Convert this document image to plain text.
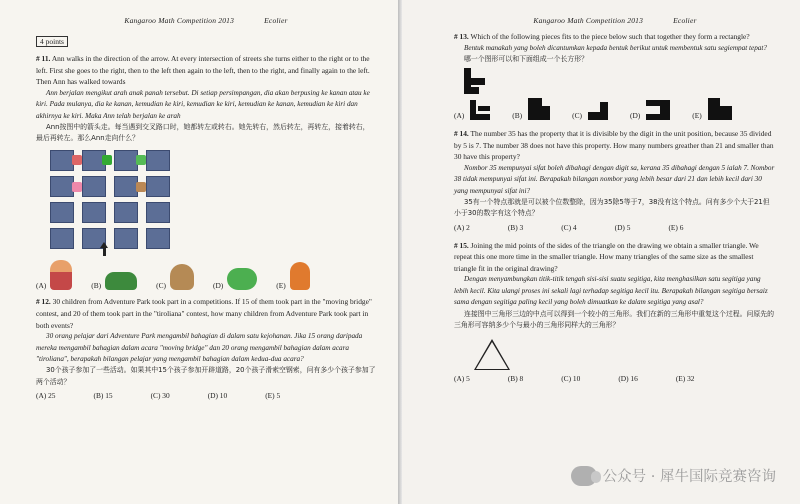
Kangaroo Math Competition 2013	Ecolier
4 points

# 11. Ann walks in the direction of the arrow. At every intersection of streets she turns either to the right or to the left. First she goes to the right, then to the left then again to the left, then to the right, and finally again to the left. Then Ann has walked towards

Ann berjalan mengikut arah anak panah tersebut. Di setiap persimpangan, dia akan berpusing ke kanan atau ke kiri. Pada mulanya, dia ke kanan, kemudian ke kiri, kemudian ke kiri, kemudian ke kanan, kemudian ke kiri dan akhirnya ke kiri. Maka Ann telah berjalan ke arah

Ann按图中的箭头走。每当遇到交叉路口时，她都转左或转右。她先转右，然后转左，再转左，接着转右，最后再转左。那么Ann走向什么？

(A)	(B)	(C)	(D)	(E)

# 12. 30 children from Adventure Park took part in a competitions. If 15 of them took part in the "moving bridge" contest, and 20 of them took part in the "tiroliana" contest, how many children from Adventure Park took part in both events?

30 orang pelajar dari Adventure Park mengambil bahagian di dalam satu kejohanan. Jika 15 orang daripada mereka mengambil bahagian dalam acara "moving bridge" dan 20 orang mengambil bahagian dalam acara "tiroliana", berapakah bilangan pelajar yang mengambil bahagian dalam kedua-dua acara?

30个孩子参加了一些活动。如果其中15个孩子参加开辟道路，20个孩子滑索空钢索，问有多少个孩子参加了两个活动？

(A) 25	(B) 15	(C) 30	(D) 10	(E) 5
Kangaroo Math Competition 2013	Ecolier

# 13. Which of the following pieces fits to the piece below such that together they form a rectangle?

Bentuk manakah yang boleh dicantumkan kepada bentuk berikut untuk membentuk satu segiempat tepat?

哪一个图形可以和下面组成一个长方形？

(A)	(B)	(C)	(D)	(E)

# 14. The number 35 has the property that it is divisible by the digit in the unit position, because 35 divided by 5 is 7. The number 38 does not have this property. How many numbers greather than 21 and smaller than 30 have this property?

Nombor 35 mempunyai sifat boleh dibahagi dengan digit sa, kerana 35 dibahagi dengan 5 ialah 7. Nombor 38 tidak mempunyai sifat ini. Berapakah bilangan nombor yang lebih besar dari 21 dan lebih kecil dari 30 yang mempunyai sifat ini?

35有一个特点那就是可以被个位数整除，因为35除5等于7，38没有这个特点。问有多少个大于21但小于30的数字有这个特点？

(A) 2	(B) 3	(C) 4	(D) 5	(E) 6

# 15. Joining the mid points of the sides of the triangle on the drawing we obtain a smaller triangle. We repeat this one more time in the smaller triangle. How many triangles of the same size as the smallest triangle fit in the original drawing?

Dengan menyambungkan titik-titik tengah sisi-sisi suatu segitiga, kita menghasilkan satu segitiga yang lebih kecil. Kita ulangi proses ini sekali lagi terhadap segitiga kecil itu. Berapakah bilangan segitiga bersaiz sama dengan segitiga paling kecil yang boleh dimuatkan ke dalam segitiga yang asal?

连接图中三角形三边的中点可以得到一个较小的三角形。我们在新的三角形中重复这个过程。问原先的三角形可容纳多少个与最小的三角形同样大的三角形？

(A) 5	(B) 8	(C) 10	(D) 16	(E) 32
公众号 · 犀牛国际竞赛咨询
